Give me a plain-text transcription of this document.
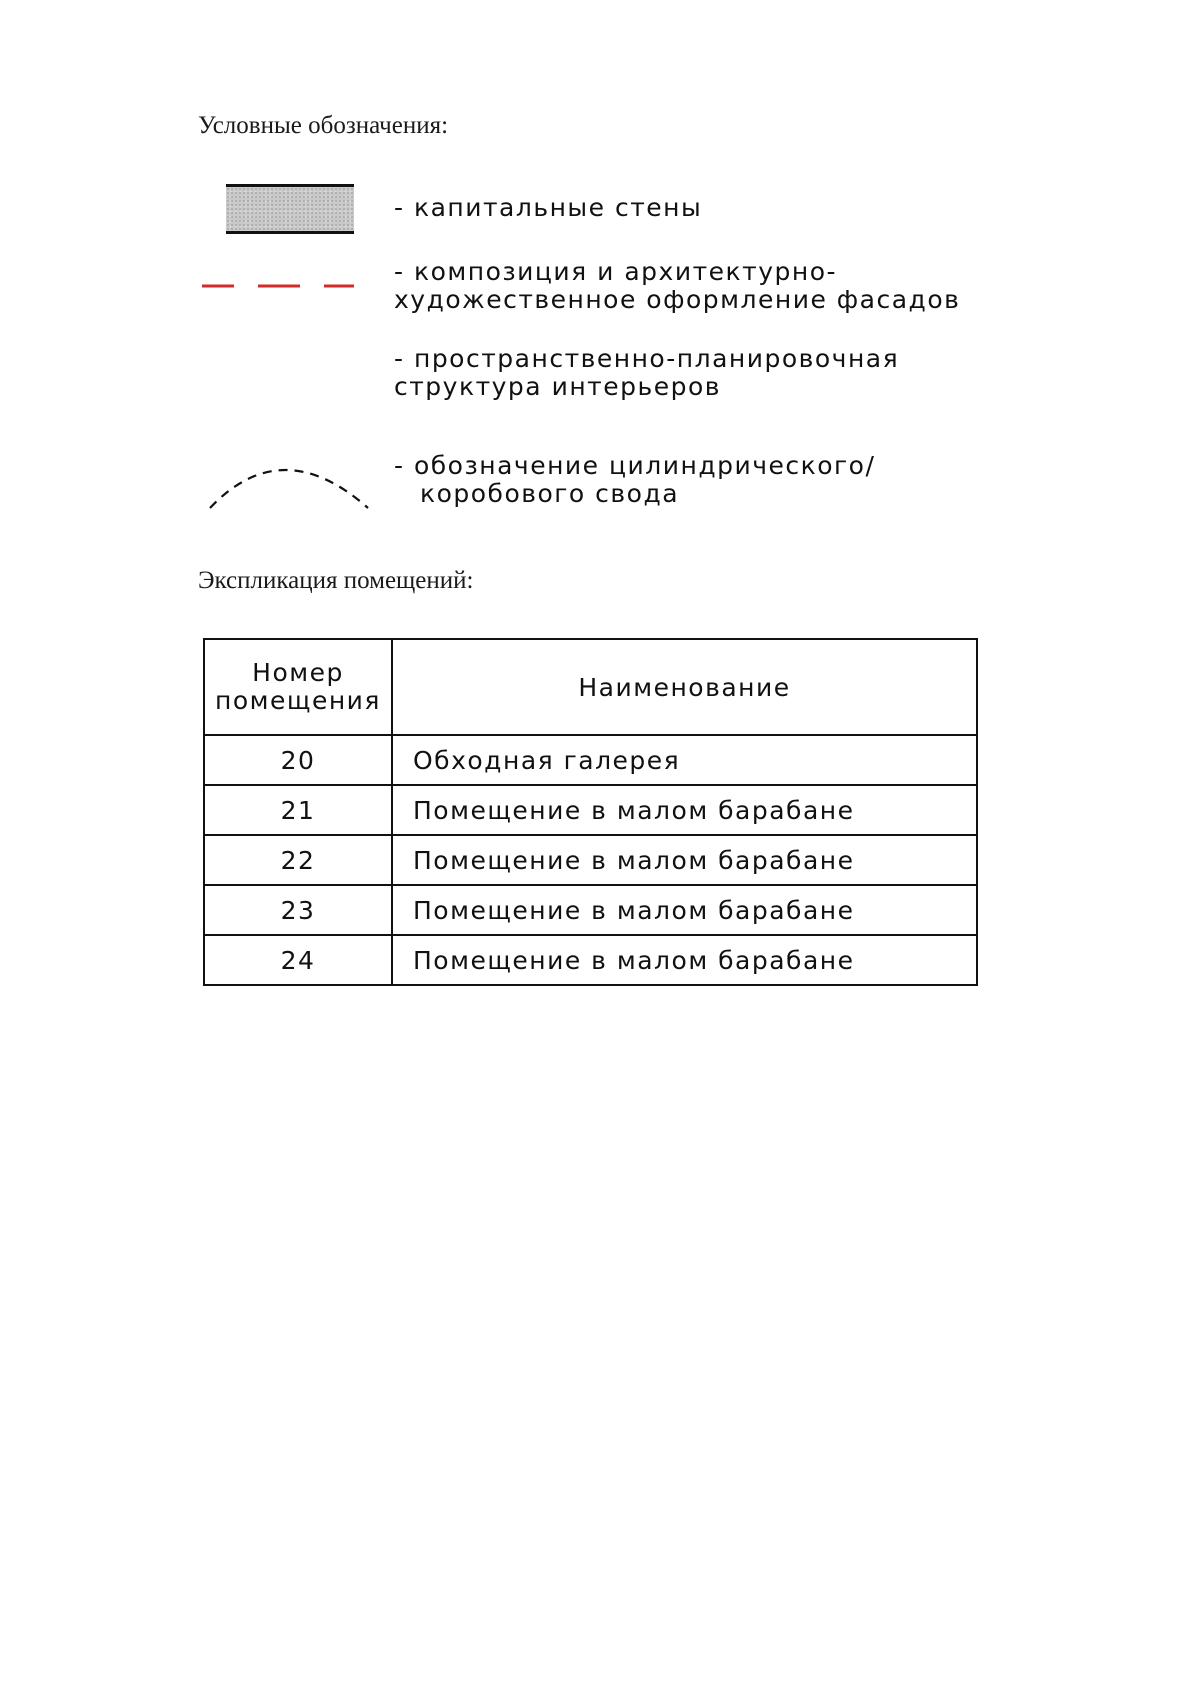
Условные обозначения:
- капитальные стены
- композиция и архитектурно-
художественное оформление фасадов
- пространственно-планировочная
структура интерьеров
- обозначение цилиндрического/
коробового свода
Экспликация помещений:
Номер
помещения	Наименование
20	Обходная галерея
21	Помещение в малом барабане
22	Помещение в малом барабане
23	Помещение в малом барабане
24	Помещение в малом барабане
